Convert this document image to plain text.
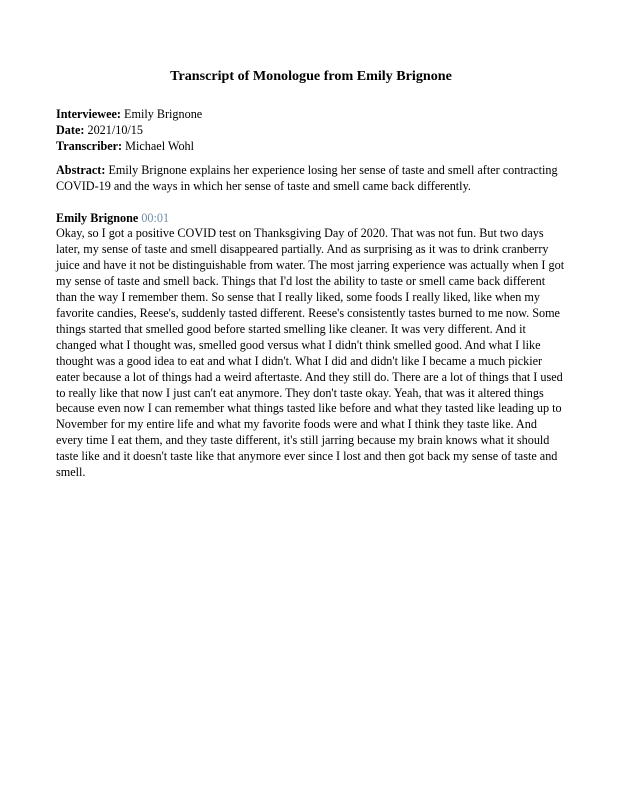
Transcript of Monologue from Emily Brignone

Interviewee: Emily Brignone

Date: 2021/10/15

Transcriber: Michael Wohl

Abstract: Emily Brignone explains her experience losing her sense of taste and smell after contracting COVID-19 and the ways in which her sense of taste and smell came back differently.

Emily Brignone 00:01

Okay, so I got a positive COVID test on Thanksgiving Day of 2020. That was not fun. But two days later, my sense of taste and smell disappeared partially. And as surprising as it was to drink cranberry juice and have it not be distinguishable from water. The most jarring experience was actually when I got my sense of taste and smell back. Things that I'd lost the ability to taste or smell came back different than the way I remember them. So sense that I really liked, some foods I really liked, like when my favorite candies, Reese's, suddenly tasted different. Reese's consistently tastes burned to me now. Some things started that smelled good before started smelling like cleaner. It was very different. And it changed what I thought was, smelled good versus what I didn't think smelled good. And what I like thought was a good idea to eat and what I didn't. What I did and didn't like I became a much pickier eater because a lot of things had a weird aftertaste. And they still do. There are a lot of things that I used to really like that now I just can't eat anymore. They don't taste okay. Yeah, that was it altered things because even now I can remember what things tasted like before and what they tasted like leading up to November for my entire life and what my favorite foods were and what I think they taste like. And every time I eat them, and they taste different, it's still jarring because my brain knows what it should taste like and it doesn't taste like that anymore ever since I lost and then got back my sense of taste and smell.
